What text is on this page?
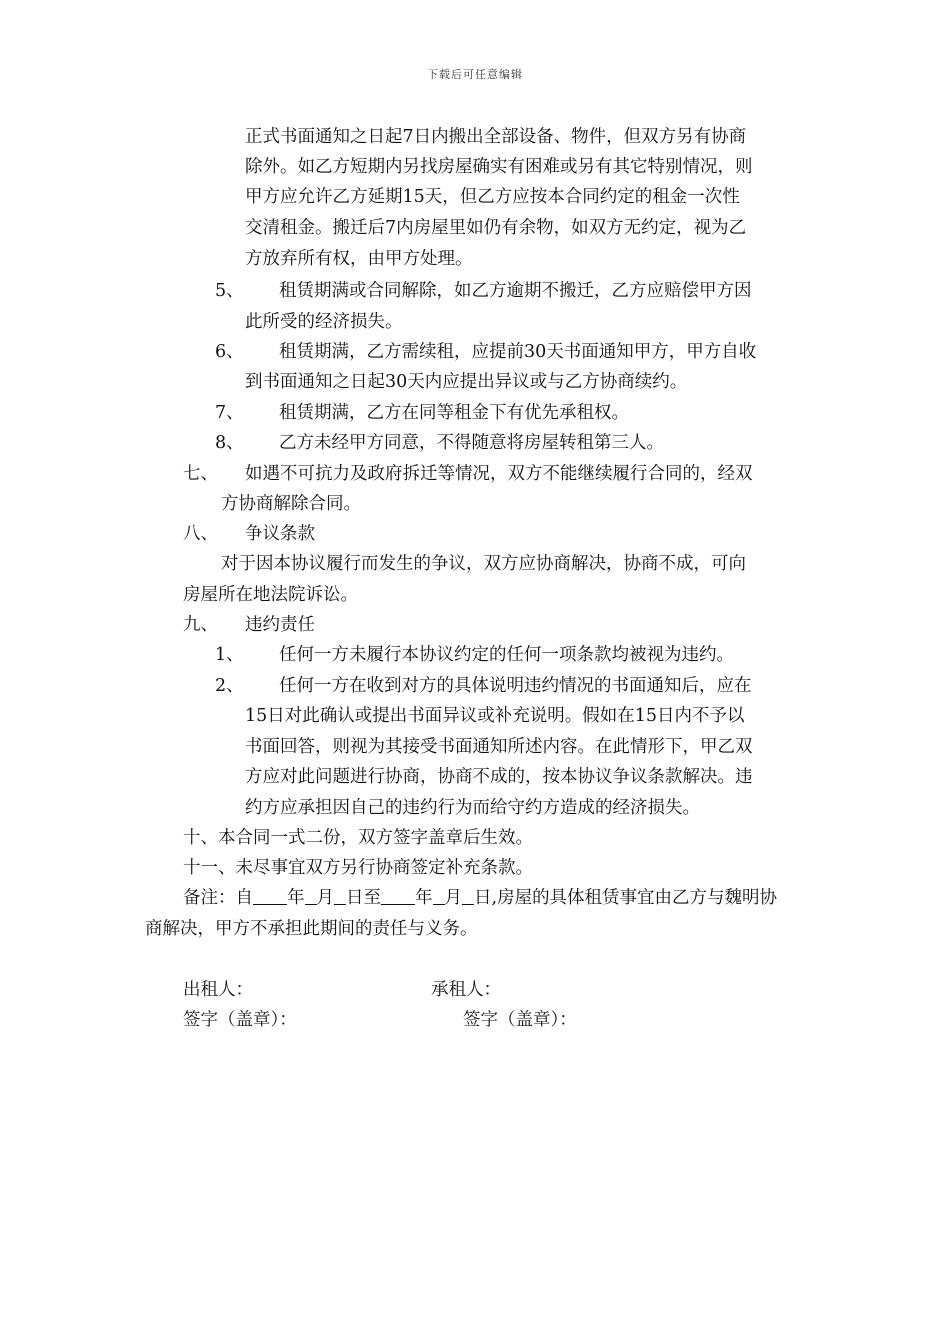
下载后可任意编辑
正式书面通知之日起7日内搬出全部设备、物件，但双方另有协商
除外。如乙方短期内另找房屋确实有困难或另有其它特别情况，则
甲方应允许乙方延期15天，但乙方应按本合同约定的租金一次性
交清租金。搬迁后7内房屋里如仍有余物，如双方无约定，视为乙
方放弃所有权，由甲方处理。
5、 租赁期满或合同解除，如乙方逾期不搬迁，乙方应赔偿甲方因
此所受的经济损失。
6、 租赁期满，乙方需续租，应提前30天书面通知甲方，甲方自收
到书面通知之日起30天内应提出异议或与乙方协商续约。
7、 租赁期满，乙方在同等租金下有优先承租权。
8、 乙方未经甲方同意，不得随意将房屋转租第三人。
七、 如遇不可抗力及政府拆迁等情况，双方不能继续履行合同的，经双
方协商解除合同。
八、 争议条款
对于因本协议履行而发生的争议，双方应协商解决，协商不成，可向
房屋所在地法院诉讼。
九、 违约责任
1、 任何一方未履行本协议约定的任何一项条款均被视为违约。
2、 任何一方在收到对方的具体说明违约情况的书面通知后，应在
15日对此确认或提出书面异议或补充说明。假如在15日内不予以
书面回答，则视为其接受书面通知所述内容。在此情形下，甲乙双
方应对此问题进行协商，协商不成的，按本协议争议条款解决。违
约方应承担因自己的违约行为而给守约方造成的经济损失。
十、本合同一式二份，双方签字盖章后生效。
十一、未尽事宜双方另行协商签定补充条款。
备注：自 年 月 日至 年 月 日,房屋的具体租赁事宜由乙方与魏明协
商解决，甲方不承担此期间的责任与义务。
出租人：	承租人：
签字（盖章）：	签字（盖章）：
